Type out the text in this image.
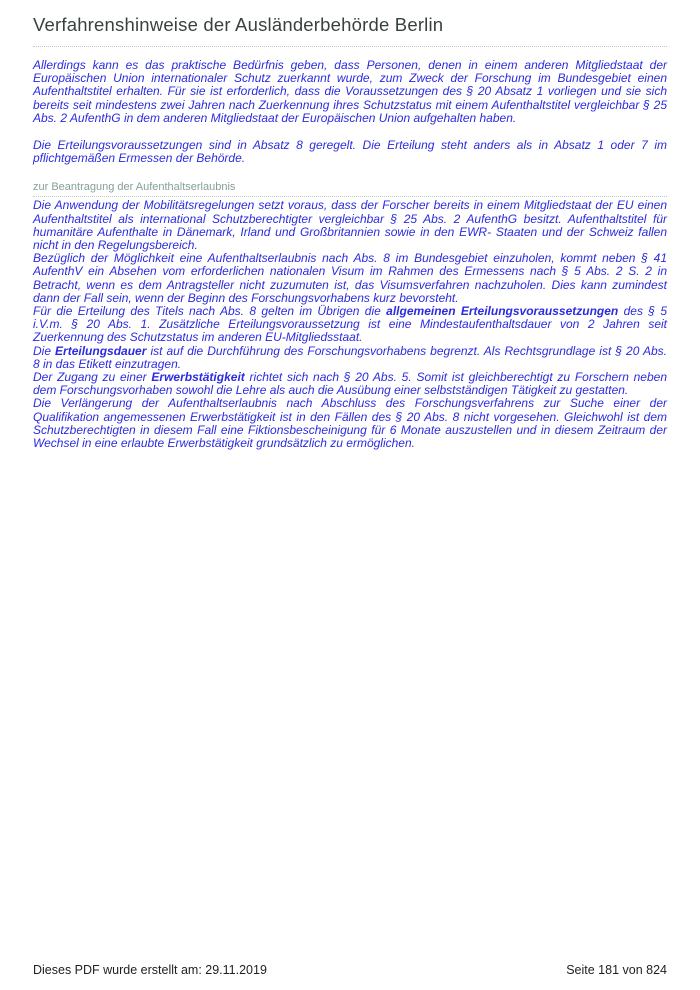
Verfahrenshinweise der Ausländerbehörde Berlin

Allerdings kann es das praktische Bedürfnis geben, dass Personen, denen in einem anderen Mitgliedstaat der Europäischen Union internationaler Schutz zuerkannt wurde, zum Zweck der Forschung im Bundesgebiet einen Aufenthaltstitel erhalten. Für sie ist erforderlich, dass die Voraussetzungen des § 20 Absatz 1 vorliegen und sie sich bereits seit mindestens zwei Jahren nach Zuerkennung ihres Schutzstatus mit einem Aufenthaltstitel vergleichbar § 25 Abs. 2 AufenthG in dem anderen Mitgliedstaat der Europäischen Union aufgehalten haben.

Die Erteilungsvoraussetzungen sind in Absatz 8 geregelt. Die Erteilung steht anders als in Absatz 1 oder 7 im pflichtgemäßen Ermessen der Behörde.

zur Beantragung der Aufenthaltserlaubnis

Die Anwendung der Mobilitätsregelungen setzt voraus, dass der Forscher bereits in einem Mitgliedstaat der EU einen Aufenthaltstitel als international Schutzberechtigter vergleichbar § 25 Abs. 2 AufenthG besitzt. Aufenthaltstitel für humanitäre Aufenthalte in Dänemark, Irland und Großbritannien sowie in den EWR- Staaten und der Schweiz fallen nicht in den Regelungsbereich.

Bezüglich der Möglichkeit eine Aufenthaltserlaubnis nach Abs. 8 im Bundesgebiet einzuholen, kommt neben § 41 AufenthV ein Absehen vom erforderlichen nationalen Visum im Rahmen des Ermessens nach § 5 Abs. 2 S. 2 in Betracht, wenn es dem Antragsteller nicht zuzumuten ist, das Visumsverfahren nachzuholen. Dies kann zumindest dann der Fall sein, wenn der Beginn des Forschungsvorhabens kurz bevorsteht.

Für die Erteilung des Titels nach Abs. 8 gelten im Übrigen die allgemeinen Erteilungsvoraussetzungen des § 5 i.V.m. § 20 Abs. 1. Zusätzliche Erteilungsvoraussetzung ist eine Mindestaufenthaltsdauer von 2 Jahren seit Zuerkennung des Schutzstatus im anderen EU-Mitgliedsstaat.

Die Erteilungsdauer ist auf die Durchführung des Forschungsvorhabens begrenzt. Als Rechtsgrundlage ist § 20 Abs. 8 in das Etikett einzutragen.

Der Zugang zu einer Erwerbstätigkeit richtet sich nach § 20 Abs. 5. Somit ist gleichberechtigt zu Forschern neben dem Forschungsvorhaben sowohl die Lehre als auch die Ausübung einer selbstständigen Tätigkeit zu gestatten.

Die Verlängerung der Aufenthaltserlaubnis nach Abschluss des Forschungsverfahrens zur Suche einer der Qualifikation angemessenen Erwerbstätigkeit ist in den Fällen des § 20 Abs. 8 nicht vorgesehen. Gleichwohl ist dem Schutzberechtigten in diesem Fall eine Fiktionsbescheinigung für 6 Monate auszustellen und in diesem Zeitraum der Wechsel in eine erlaubte Erwerbstätigkeit grundsätzlich zu ermöglichen.

Dieses PDF wurde erstellt am: 29.11.2019	Seite 181 von 824
